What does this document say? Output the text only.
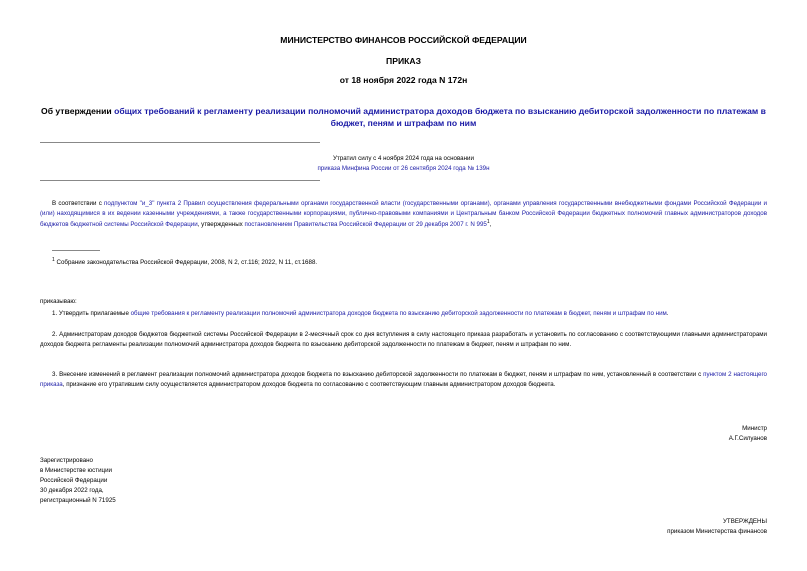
МИНИСТЕРСТВО ФИНАНСОВ РОССИЙСКОЙ ФЕДЕРАЦИИ
ПРИКАЗ
от 18 ноября 2022 года N 172н
Об утверждении общих требований к регламенту реализации полномочий администратора доходов бюджета по взысканию дебиторской задолженности по платежам в бюджет, пеням и штрафам по ним
Утратил силу с 4 ноября 2024 года на основании
приказа Минфина России от 26 сентября 2024 года № 139н
В соответствии с подпунктом "и_3" пункта 2 Правил осуществления федеральными органами государственной власти (государственными органами), органами управления государственными внебюджетными фондами Российской Федерации и (или) находящимися в их ведении казенными учреждениями, а также государственными корпорациями, публично-правовыми компаниями и Центральным банком Российской Федерации бюджетных полномочий главных администраторов доходов бюджетов бюджетной системы Российской Федерации, утвержденных постановлением Правительства Российской Федерации от 29 декабря 2007 г. N $995^1$,
$^1$ Собрание законодательства Российской Федерации, 2008, N 2, ст.116; 2022, N 11, ст.1688.
приказываю:
1. Утвердить прилагаемые общие требования к регламенту реализации полномочий администратора доходов бюджета по взысканию дебиторской задолженности по платежам в бюджет, пеням и штрафам по ним.
2. Администраторам доходов бюджетов бюджетной системы Российской Федерации в 2-месячный срок со дня вступления в силу настоящего приказа разработать и установить по согласованию с соответствующими главными администраторами доходов бюджета регламенты реализации полномочий администратора доходов бюджета по взысканию дебиторской задолженности по платежам в бюджет, пеням и штрафам по ним.
3. Внесение изменений в регламент реализации полномочий администратора доходов бюджета по взысканию дебиторской задолженности по платежам в бюджет, пеням и штрафам по ним, установленный в соответствии с пунктом 2 настоящего приказа, признание его утратившим силу осуществляется администратором доходов бюджета по согласованию с соответствующим главным администратором доходов бюджета.
Министр
А.Г.Силуанов
Зарегистрировано
в Министерстве юстиции
Российской Федерации
30 декабря 2022 года,
регистрационный N 71925
УТВЕРЖДЕНЫ
приказом Министерства финансов
